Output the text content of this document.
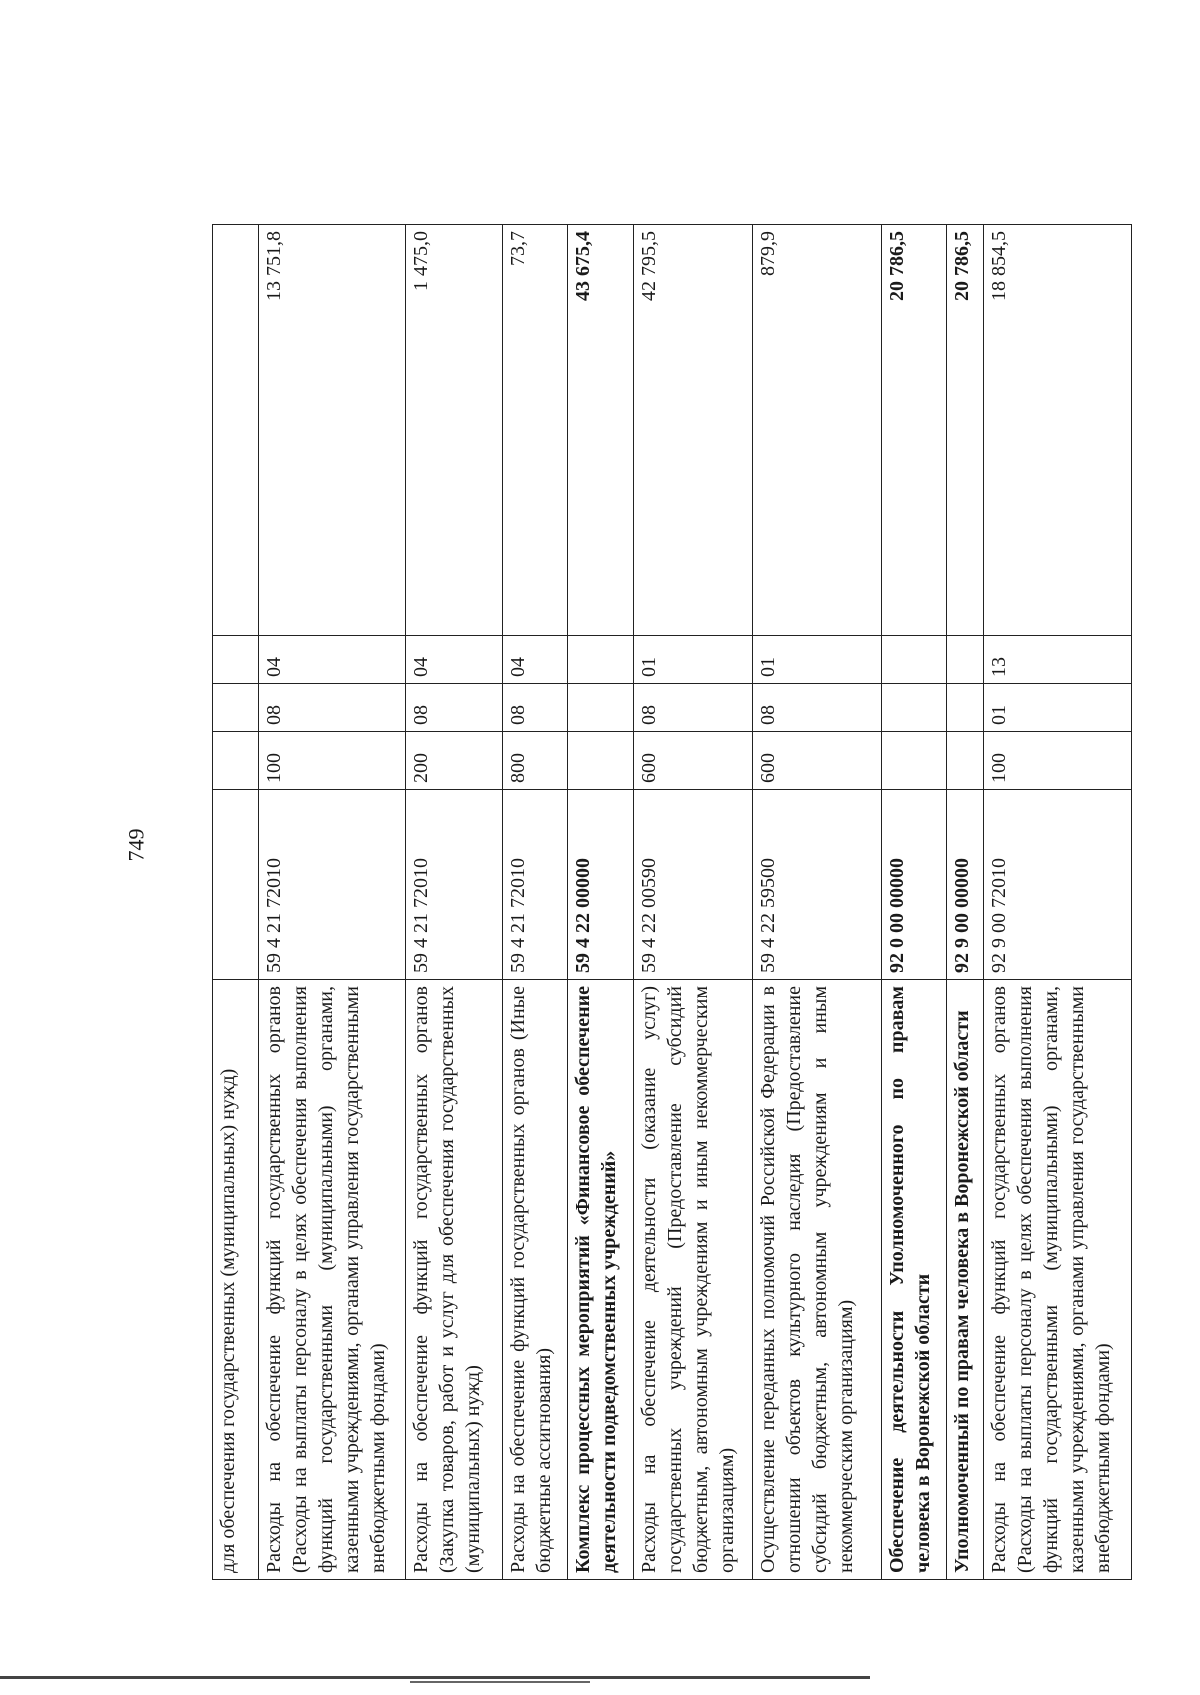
749
для обеспечения государственных (муниципальных) нужд)					
Расходы на обеспечение функций государственных органов (Расходы на выплаты персоналу в целях обеспечения выполнения функций государственными (муниципальными) органами, казенными учреждениями, органами управления государственными внебюджетными фондами)	59 4 21 72010	100	08	04	13 751,8
Расходы на обеспечение функций государственных органов (Закупка товаров, работ и услуг для обеспечения государственных (муниципальных) нужд)	59 4 21 72010	200	08	04	1 475,0
Расходы на обеспечение функций государственных органов (Иные бюджетные ассигнования)	59 4 21 72010	800	08	04	73,7
Комплекс процессных мероприятий «Финансовое обеспечение деятельности подведомственных учреждений»	59 4 22 00000				43 675,4
Расходы на обеспечение деятельности (оказание услуг) государственных учреждений (Предоставление субсидий бюджетным, автономным учреждениям и иным некоммерческим организациям)	59 4 22 00590	600	08	01	42 795,5
Осуществление переданных полномочий Российской Федерации в отношении объектов культурного наследия (Предоставление субсидий бюджетным, автономным учреждениям и иным некоммерческим организациям)	59 4 22 59500	600	08	01	879,9
Обеспечение деятельности Уполномоченного по правам человека в Воронежской области	92 0 00 00000				20 786,5
Уполномоченный по правам человека в Воронежской области	92 9 00 00000				20 786,5
Расходы на обеспечение функций государственных органов (Расходы на выплаты персоналу в целях обеспечения выполнения функций государственными (муниципальными) органами, казенными учреждениями, органами управления государственными внебюджетными фондами)	92 9 00 72010	100	01	13	18 854,5
